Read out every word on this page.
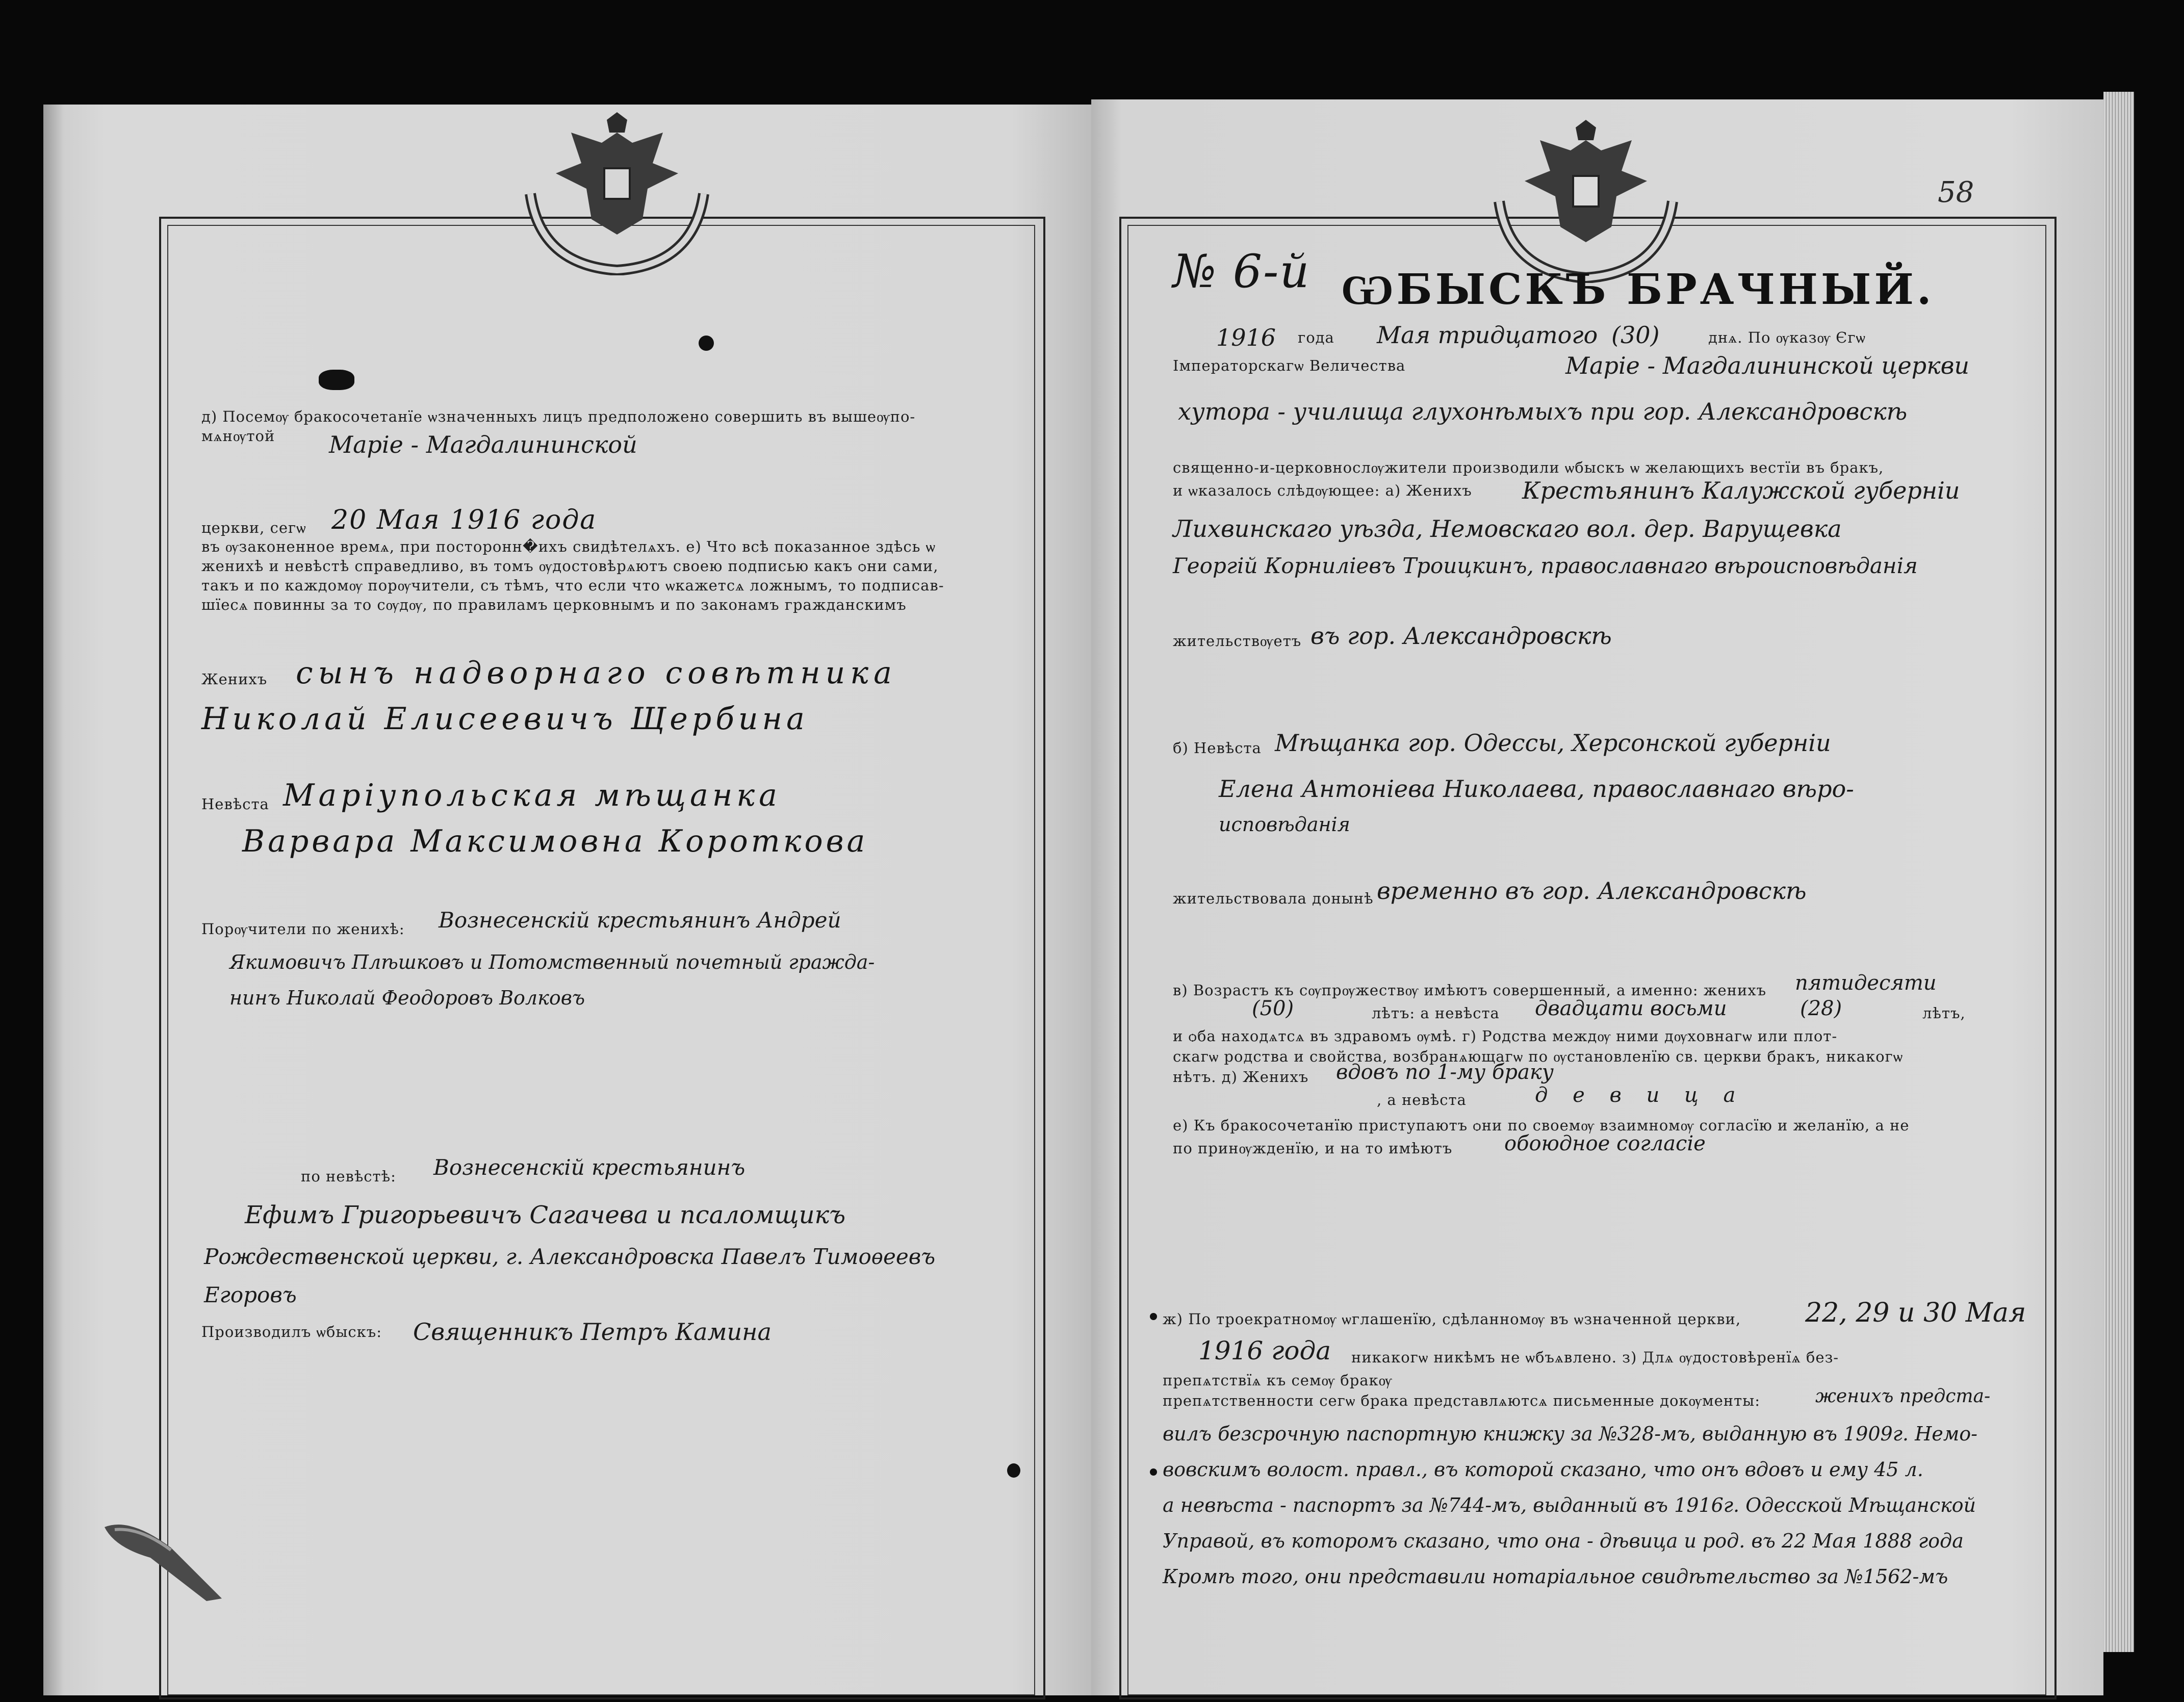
д) Посемѹ бракосочетанїе ѡзначенныхъ лицъ предположено совершить въ вышеѹпо-
мѧнѹтой Маріе - Магдалининской
церкви, сегѡ 20 Мая 1916 года
въ ѹзаконенное времѧ, при посторонн�ихъ свидѣтелѧхъ. е) Что всѣ показанное здѣсь ѡ
женихѣ и невѣстѣ справедливо, въ томъ ѹдостовѣрѧютъ своею подписью какъ ѻни сами,
такъ и по каждомѹ порѹчители, съ тѣмъ, что если что ѡкажетсѧ ложнымъ, то подписав-
шїесѧ повинны за то сѹдѹ, по правиламъ церковнымъ и по законамъ гражданскимъ
Женихъ сынъ надворнаго совѣтника
Николай Елисеевичъ Щербина
Невѣста Марiупольская мѣщанка
Варвара Максимовна Коротковa
Порѹчители по женихѣ: Вознесенскiй крестьянинъ Андрей
Якимовичъ Плѣшковъ и Потомственный почетный граждa-
нинъ Николай Феодоровъ Волковъ
по невѣстѣ: Вознесенскiй крестьянинъ
Ефимъ Григорьевичъ Сагачева и псаломщикъ
Рождественской церкви, г. Александровска Павелъ Тимоѳеевъ
Егоровъ
Производилъ ѡбыскъ: Священникъ Петръ Камина
58
№ 6-й ѠБЫСКЪ БРАЧНЫЙ.
1916 года Мая тридцатого (30)	днѧ. По ѹказѹ Єгѡ
Імператорскагѡ Величества	Маріе - Магдалининской церкви
хутора - училища глухонѣмыхъ при гор. Александровскѣ
священно-и-церковнослѹжители производили ѡбыскъ ѡ желающихъ вестїи въ бракъ,
и ѡказалось слѣдѹющее: а) Женихъ Крестьянинъ Калужской губернiи
Лихвинскаго уѣзда, Немовскaго вол. дер. Варущевка
Георгiй Корнилiевъ Троицкинъ, православнаго вѣроисповѣданiя
жительствѹетъ въ гор. Александровскѣ
б) Невѣста Мѣщанка гор. Одессы, Херсонской губернiи
Елена Антонiева Николаева, православнаго вѣро-
исповѣданiя
жительствовала донынѣ временно въ гор. Александровскѣ
в) Возрастъ къ сѹпрѹжествѹ имѣютъ совершенный, а именно: женихъ пятидесяти
(50)	лѣтъ: а невѣста двадцати восьми	(28)	лѣтъ,
и ѻба находѧтсѧ въ здравомъ ѹмѣ. г) Родства междѹ ними дѹховнагѡ или плот-
скагѡ родства и свойства, возбранѧющагѡ по ѹстановленїю св. церкви бракъ, никакогѡ
нѣтъ. д) Женихъ вдовъ по 1-му браку
, а невѣста	д е в и ц а
е) Къ бракосочетанїю приступаютъ ѻни по своемѹ взаимномѹ согласїю и желанїю, а не
по принѹжденїю, и на то имѣютъ	обоюдное согласiе
ж) По троекратномѹ ѡглашенїю, сдѣланномѹ въ ѡзначенной церкви, 22, 29 и 30 Мая
1916 года никакогѡ никѣмъ не ѡбъѧвлено. з) Длѧ ѹдостовѣренїѧ без-
препѧтствїѧ къ семѹ бракѹ
препѧтственности сегѡ брака представлѧютсѧ письменные докѹменты:	женихъ предста-
вилъ безсрочную паспортную книжку за №328-мъ, выданную въ 1909г. Немо-
вовскимъ волост. правл., въ которой сказано, что онъ вдовъ и ему 45 л.
а невѣста - паспортъ за №744-мъ, выданный въ 1916г. Одесской Мѣщанской
Управой, въ которомъ сказано, что она - дѣвица и род. въ 22 Мая 1888 года
Кромѣ того, они представили нотарiальное свидѣтельство за №1562-мъ
